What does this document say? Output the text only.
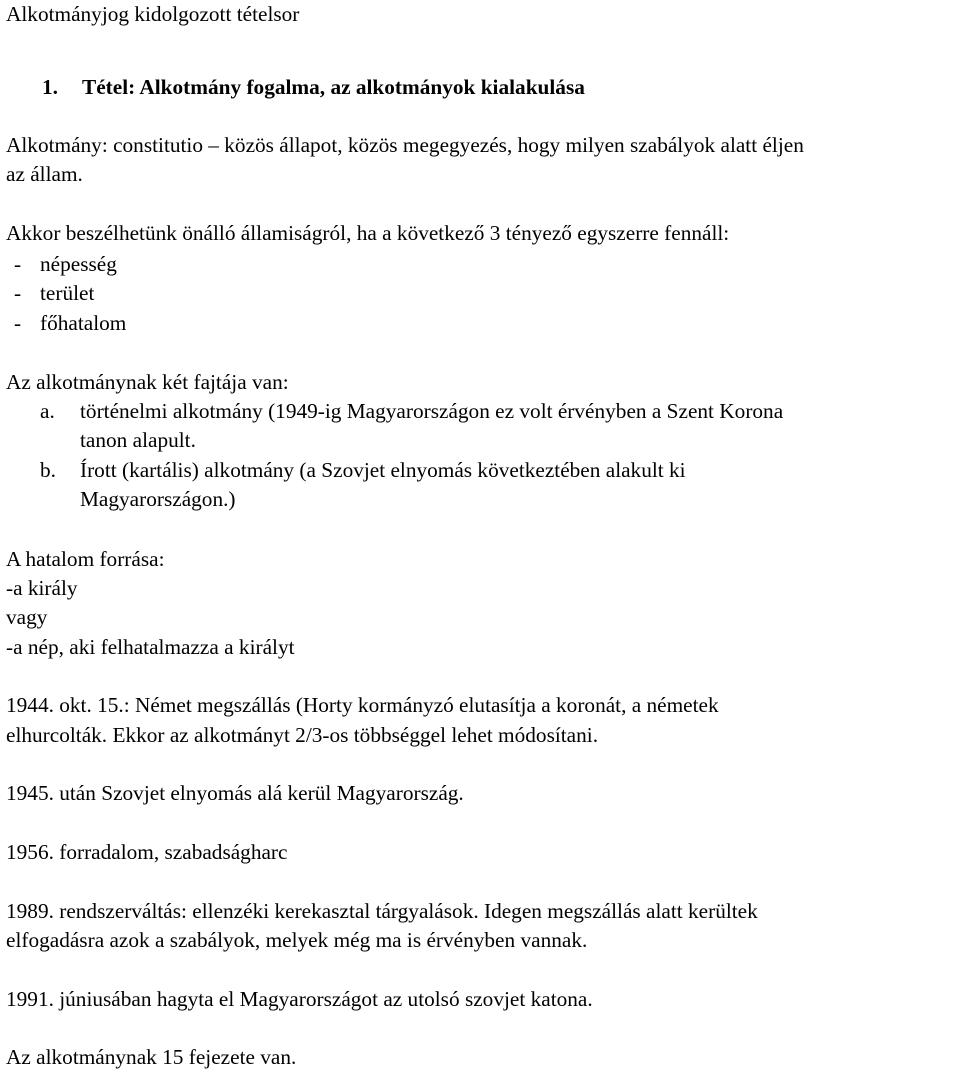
Alkotmányjog kidolgozott tételsor
1. Tétel: Alkotmány fogalma, az alkotmányok kialakulása
Alkotmány: constitutio – közös állapot, közös megegyezés, hogy milyen szabályok alatt éljen
az állam.
Akkor beszélhetünk önálló államiságról, ha a következő 3 tényező egyszerre fennáll:
- népesség
- terület
- főhatalom
Az alkotmánynak két fajtája van:
a. történelmi alkotmány (1949-ig Magyarországon ez volt érvényben a Szent Korona
tanon alapult.
b. Írott (kartális) alkotmány (a Szovjet elnyomás következtében alakult ki
Magyarországon.)
A hatalom forrása:
-a király
vagy
-a nép, aki felhatalmazza a királyt
1944. okt. 15.: Német megszállás (Horty kormányzó elutasítja a koronát, a németek
elhurcolták. Ekkor az alkotmányt 2/3-os többséggel lehet módosítani.
1945. után Szovjet elnyomás alá kerül Magyarország.
1956. forradalom, szabadságharc
1989. rendszerváltás: ellenzéki kerekasztal tárgyalások. Idegen megszállás alatt kerültek
elfogadásra azok a szabályok, melyek még ma is érvényben vannak.
1991. júniusában hagyta el Magyarországot az utolsó szovjet katona.
Az alkotmánynak 15 fejezete van.
